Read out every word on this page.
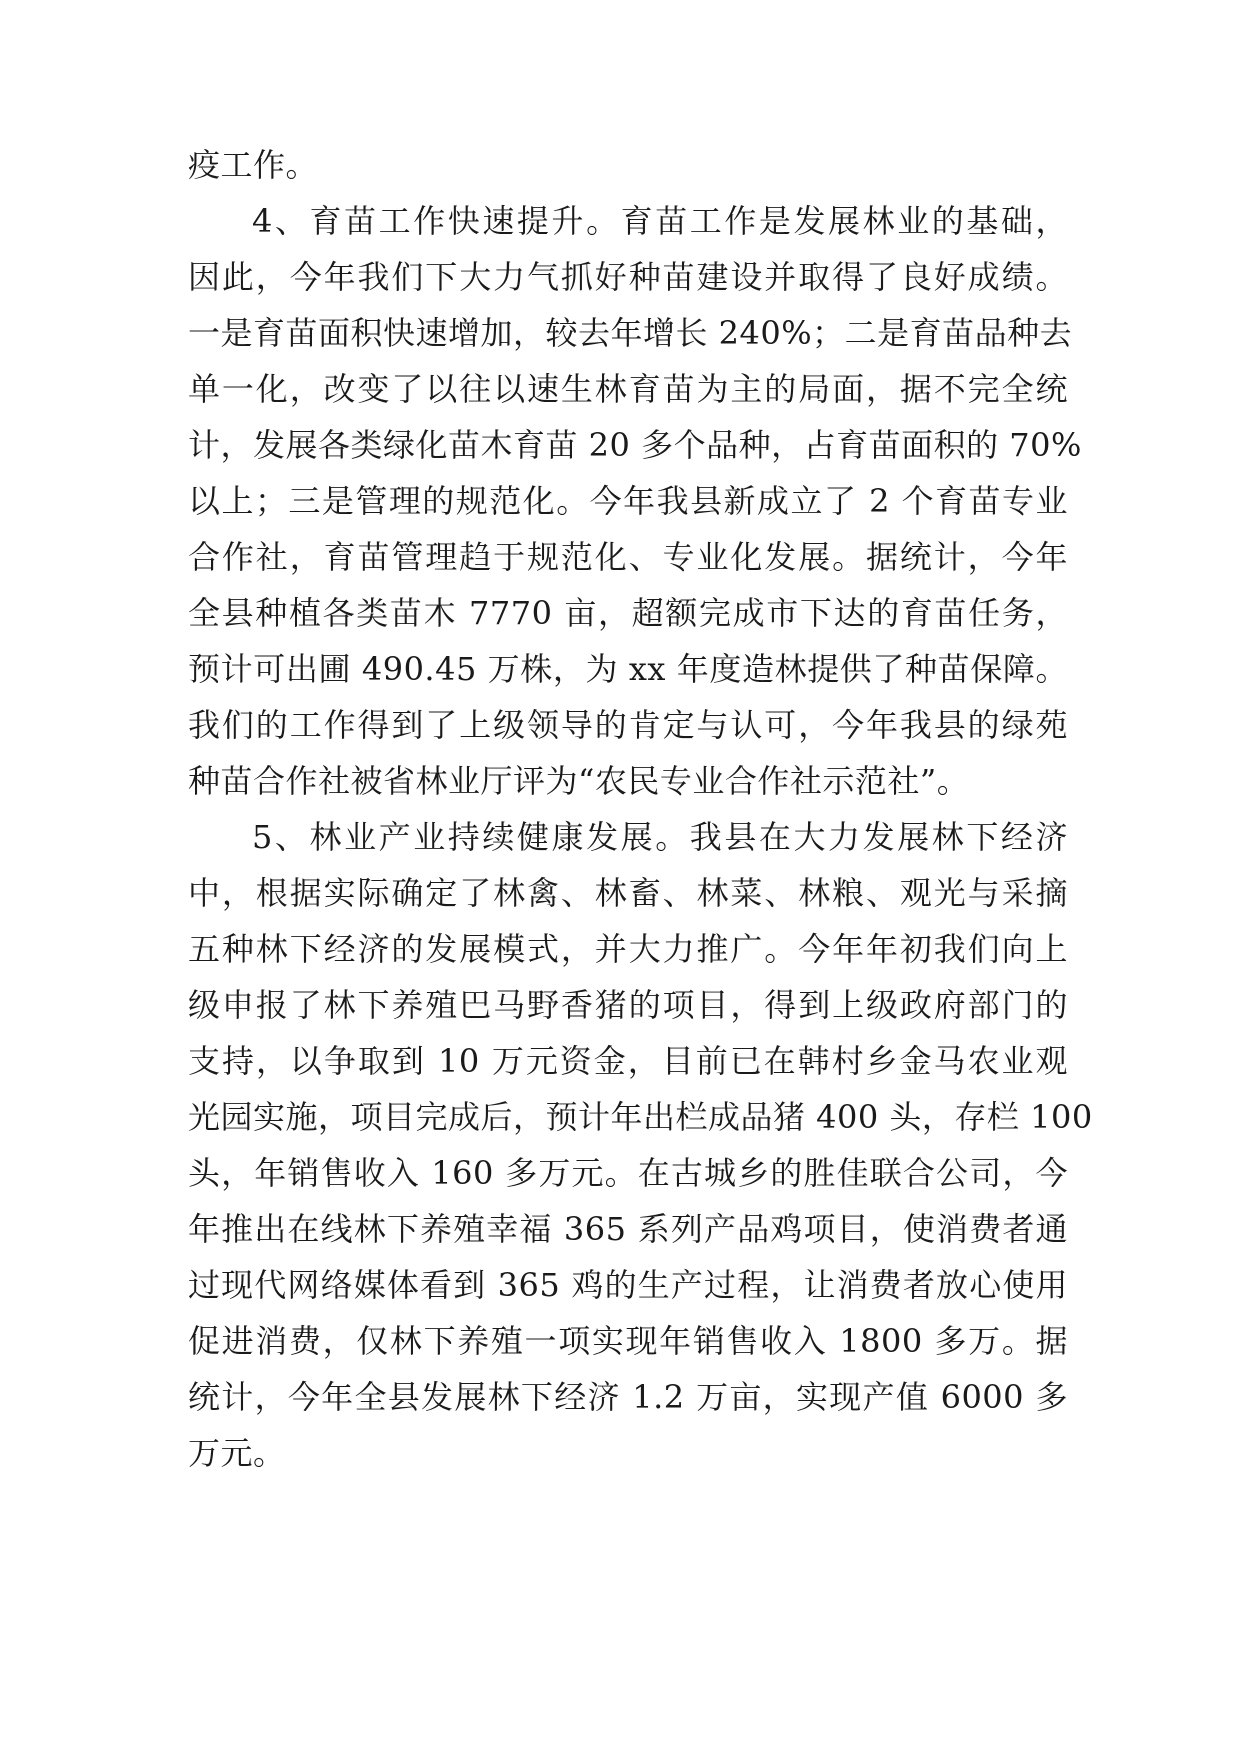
疫工作。

4、育苗工作快速提升。育苗工作是发展林业的基础，

因此，今年我们下大力气抓好种苗建设并取得了良好成绩。

一是育苗面积快速增加，较去年增长 240%；二是育苗品种去

单一化，改变了以往以速生林育苗为主的局面，据不完全统

计，发展各类绿化苗木育苗 20 多个品种，占育苗面积的 70%

以上；三是管理的规范化。今年我县新成立了 2 个育苗专业

合作社，育苗管理趋于规范化、专业化发展。据统计，今年

全县种植各类苗木 7770 亩，超额完成市下达的育苗任务，

预计可出圃 490.45 万株，为 xx 年度造林提供了种苗保障。

我们的工作得到了上级领导的肯定与认可，今年我县的绿苑

种苗合作社被省林业厅评为“农民专业合作社示范社”。

5、林业产业持续健康发展。我县在大力发展林下经济

中，根据实际确定了林禽、林畜、林菜、林粮、观光与采摘

五种林下经济的发展模式，并大力推广。今年年初我们向上

级申报了林下养殖巴马野香猪的项目，得到上级政府部门的

支持，以争取到 10 万元资金，目前已在韩村乡金马农业观

光园实施，项目完成后，预计年出栏成品猪 400 头，存栏 100

头，年销售收入 160 多万元。在古城乡的胜佳联合公司，今

年推出在线林下养殖幸福 365 系列产品鸡项目，使消费者通

过现代网络媒体看到 365 鸡的生产过程，让消费者放心使用

促进消费，仅林下养殖一项实现年销售收入 1800 多万。据

统计，今年全县发展林下经济 1.2 万亩，实现产值 6000 多

万元。
